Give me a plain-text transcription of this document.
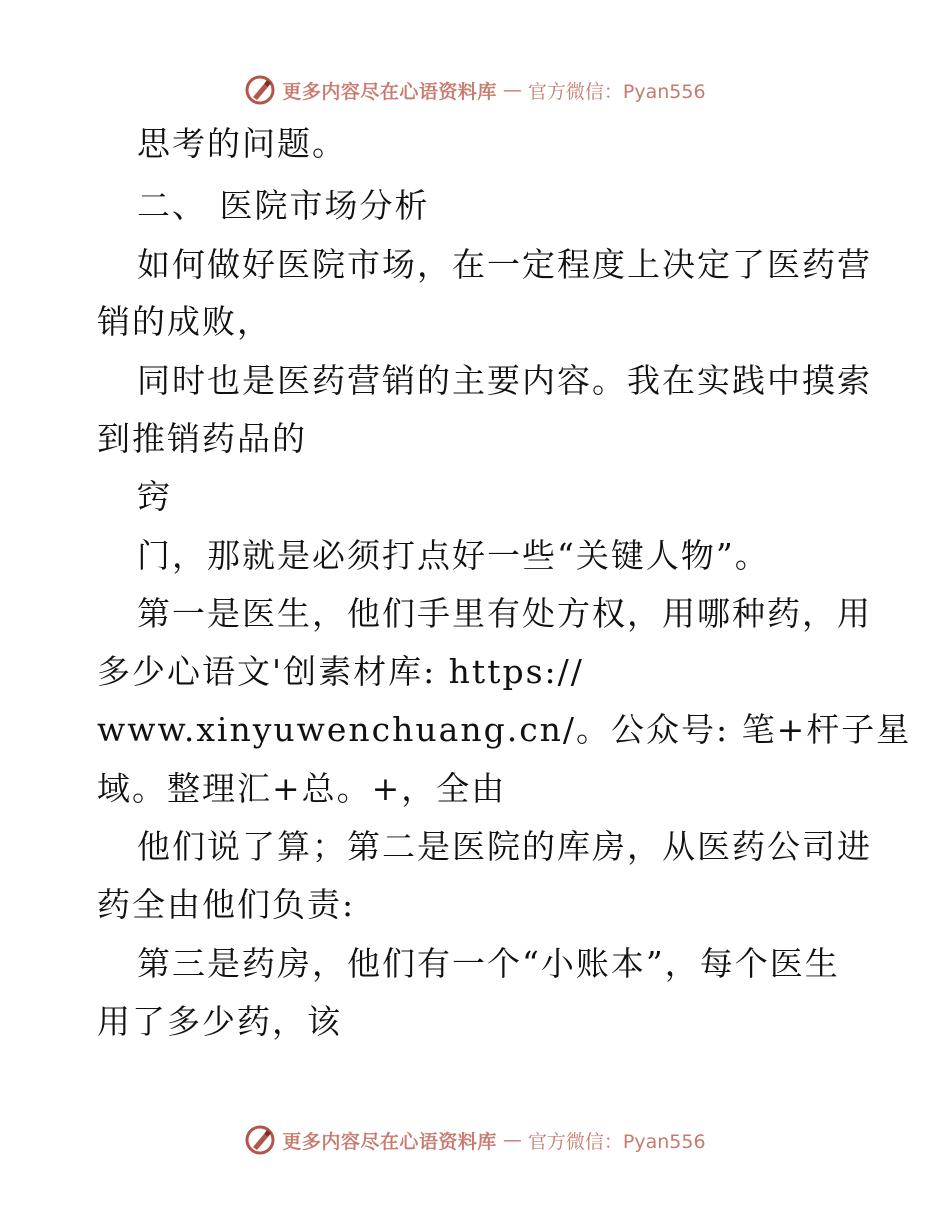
更多内容尽在心语资料库 — 官方微信：Pyan556
思考的问题。
二、 医院市场分析
如何做好医院市场，在一定程度上决定了医药营
销的成败，
同时也是医药营销的主要内容。我在实践中摸索
到推销药品的
窍
门，那就是必须打点好一些“关键人物”。
第一是医生，他们手里有处方权，用哪种药，用
多少心语文'创素材库: https://
www.xinyuwenchuang.cn/。公众号: 笔+杆子星
域。整理汇+总。+，全由
他们说了算；第二是医院的库房，从医药公司进
药全由他们负责:
第三是药房，他们有一个“小账本”，每个医生
用了多少药，该
更多内容尽在心语资料库 — 官方微信：Pyan556
